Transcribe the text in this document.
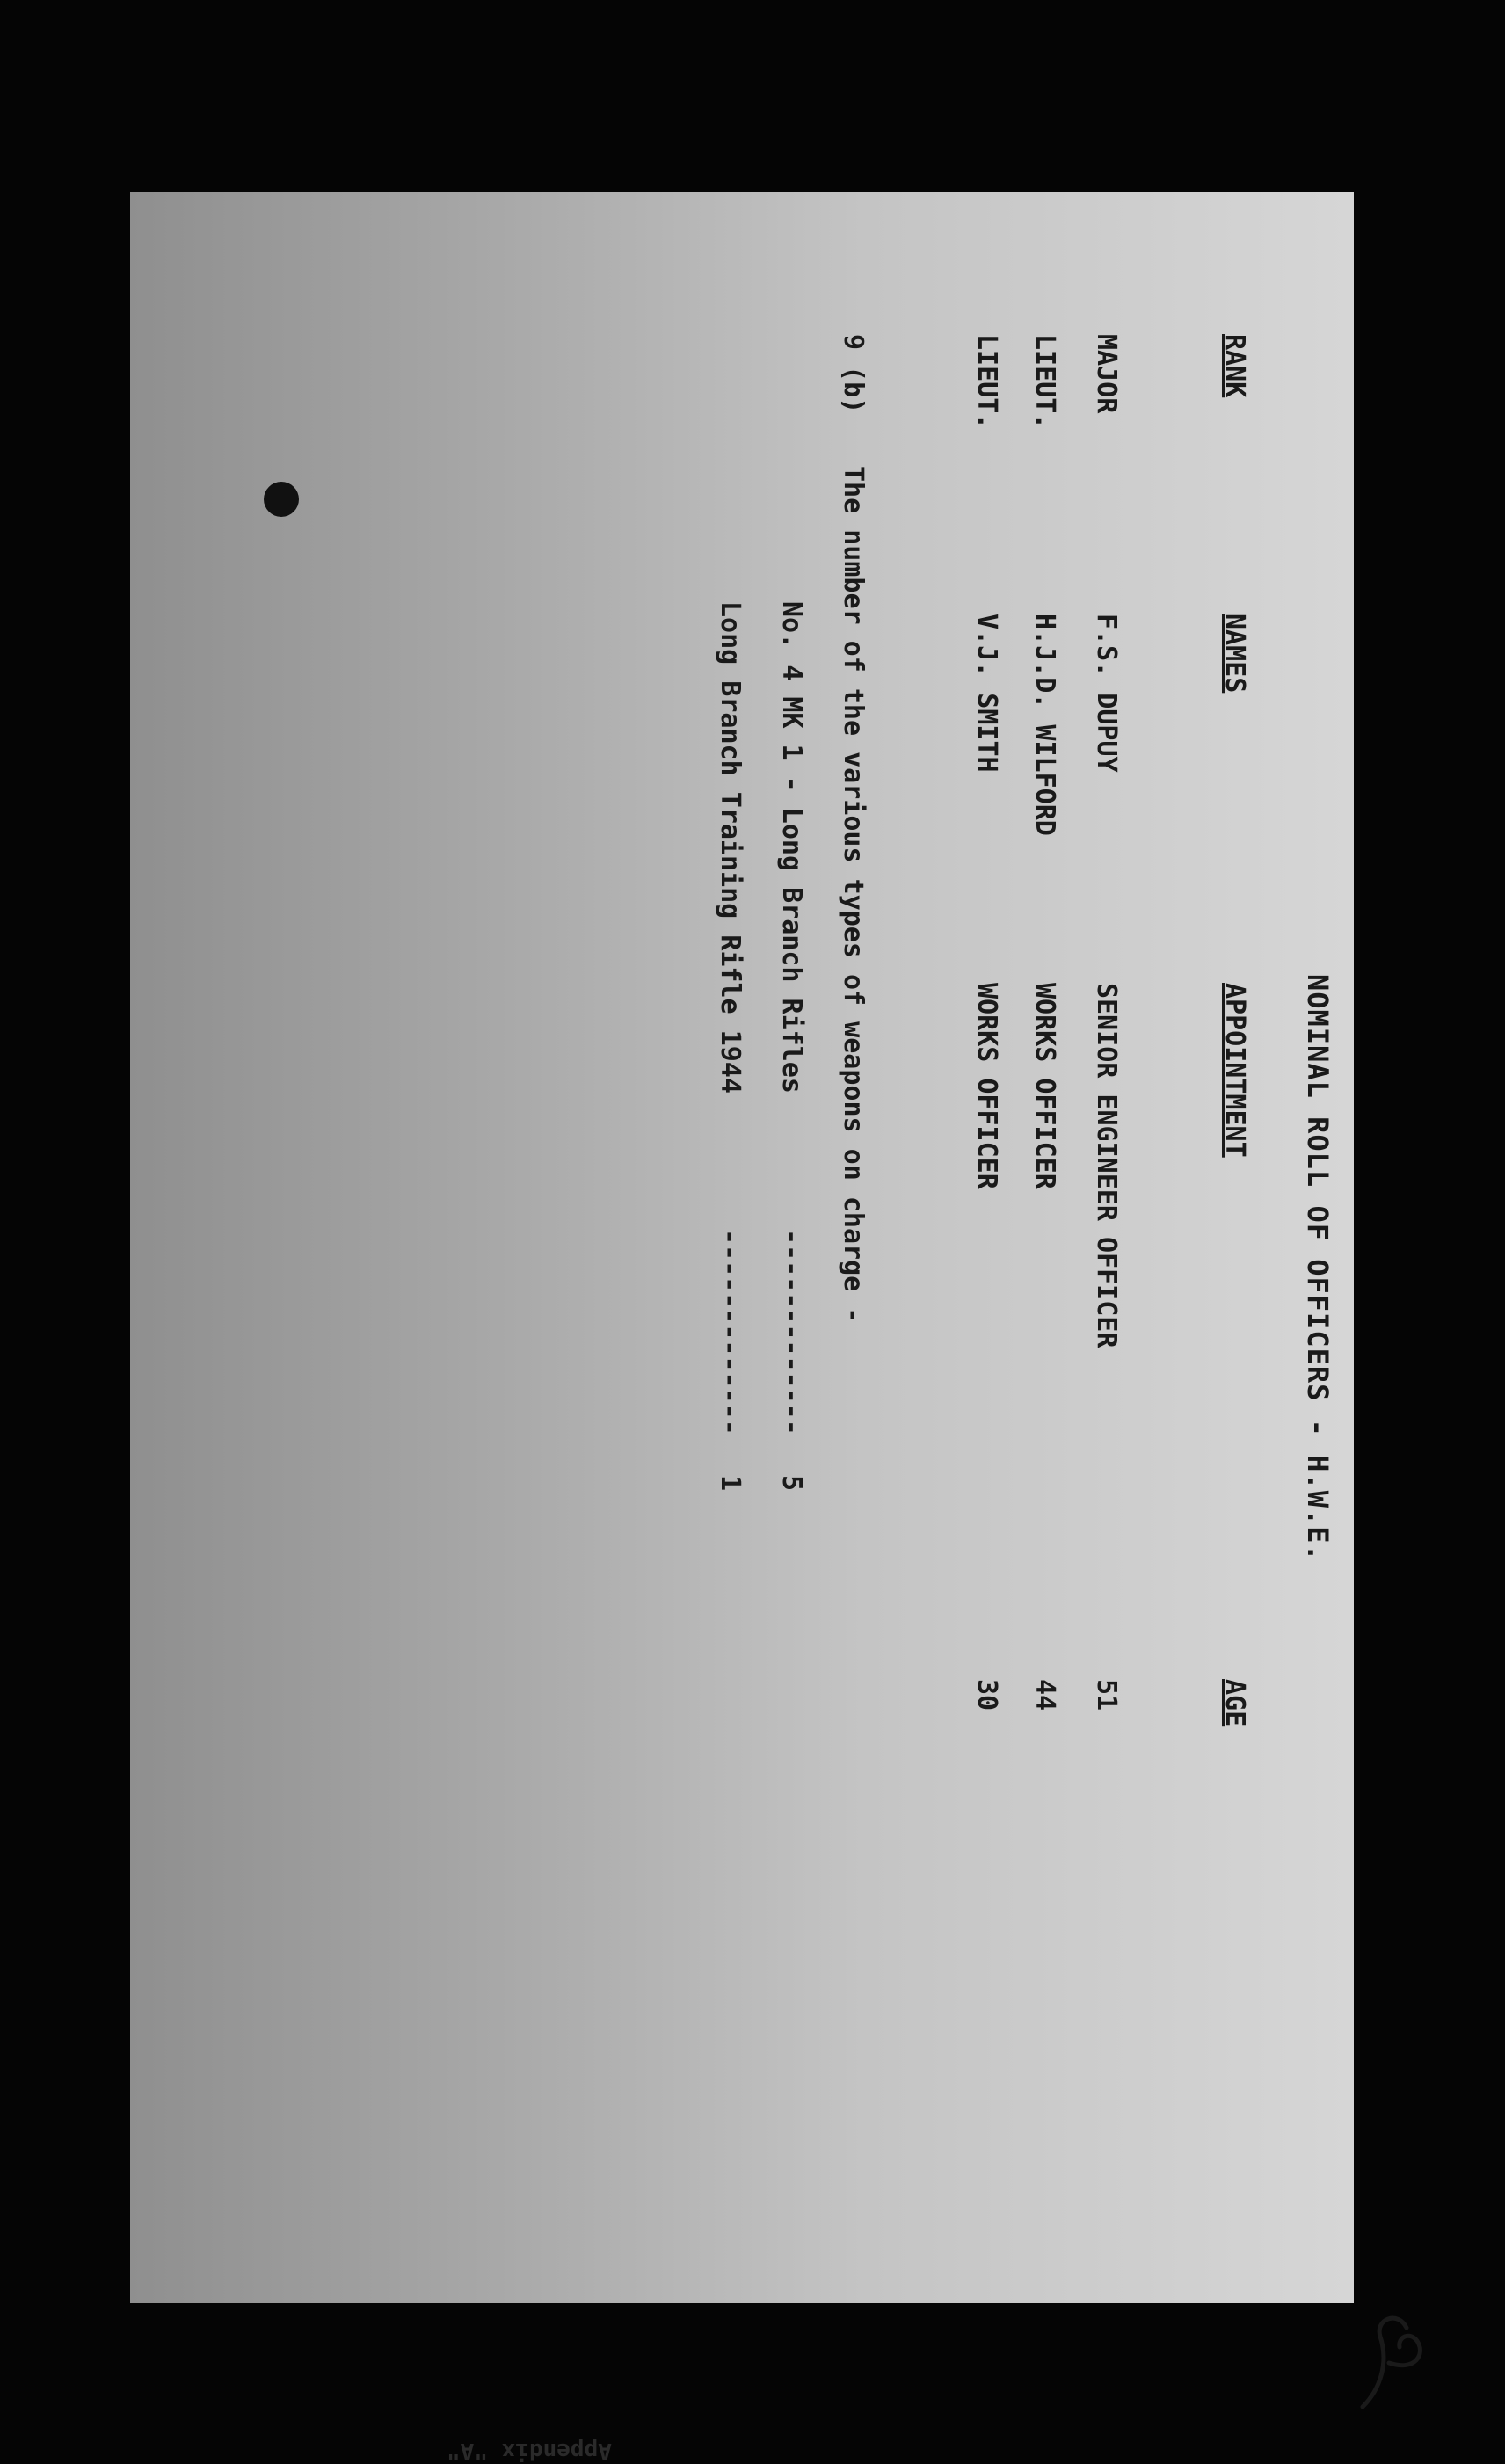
NOMINAL ROLL OF OFFICERS - H.W.E.
RANK
NAMES
APPOINTMENT
AGE
MAJOR
F.S. DUPUY
SENIOR ENGINEER OFFICER
51
LIEUT.
H.J.D. WILFORD
WORKS OFFICER
44
LIEUT.
V.J. SMITH
WORKS OFFICER
30
9 (b)
The number of the various types of weapons on charge -
No. 4 MK 1 - Long Branch Rifles
-------------
5
Long Branch Training Rifle 1944
-------------
1
Appendix "A"
